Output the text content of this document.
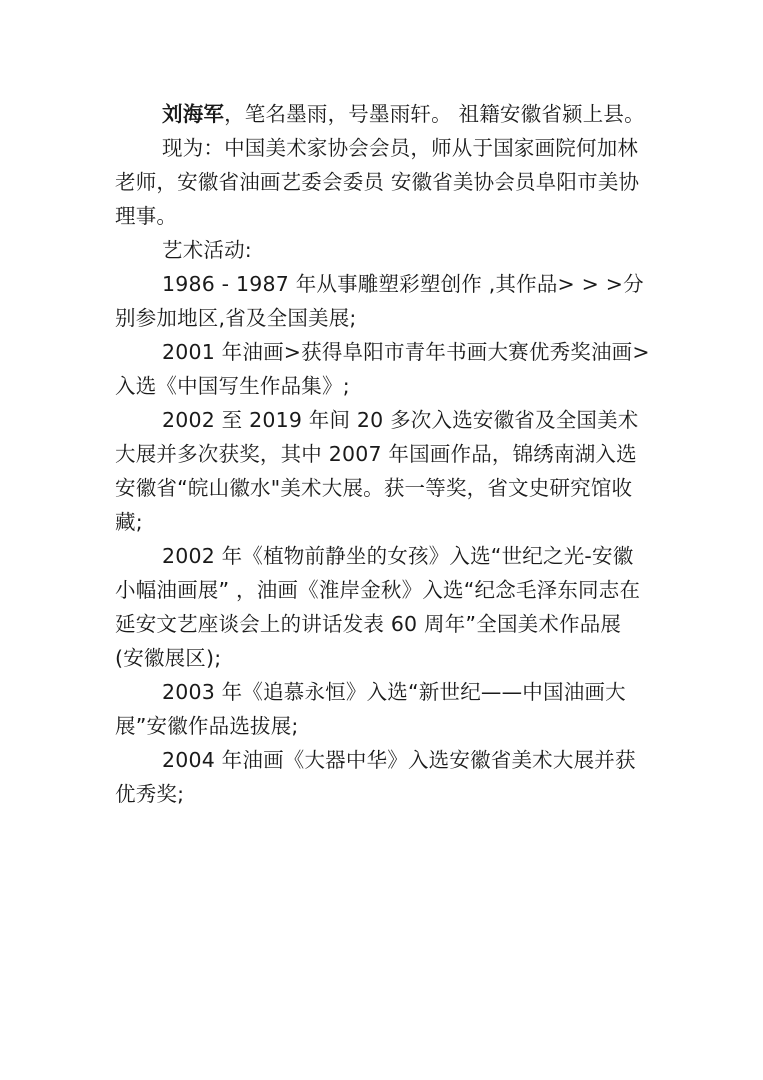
刘海军，笔名墨雨，号墨雨轩。 祖籍安徽省颍上县。

现为：中国美术家协会会员，师从于国家画院何加林老师，安徽省油画艺委会委员 安徽省美协会员阜阳市美协理事。

艺术活动:

1986 - 1987 年从事雕塑彩塑创作 ,其作品> > >分别参加地区,省及全国美展;

2001 年油画>获得阜阳市青年书画大赛优秀奖油画>入选《中国写生作品集》;

2002 至 2019 年间 20 多次入选安徽省及全国美术大展并多次获奖，其中 2007 年国画作品，锦绣南湖入选安徽省“皖山徽水"美术大展。获一等奖，省文史研究馆收藏;

2002 年《植物前静坐的女孩》入选“世纪之光-安徽小幅油画展” ，油画《淮岸金秋》入选“纪念毛泽东同志在延安文艺座谈会上的讲话发表 60 周年”全国美术作品展(安徽展区);

2003 年《追慕永恒》入选“新世纪——中国油画大展”安徽作品选拔展;

2004 年油画《大器中华》入选安徽省美术大展并获优秀奖;
